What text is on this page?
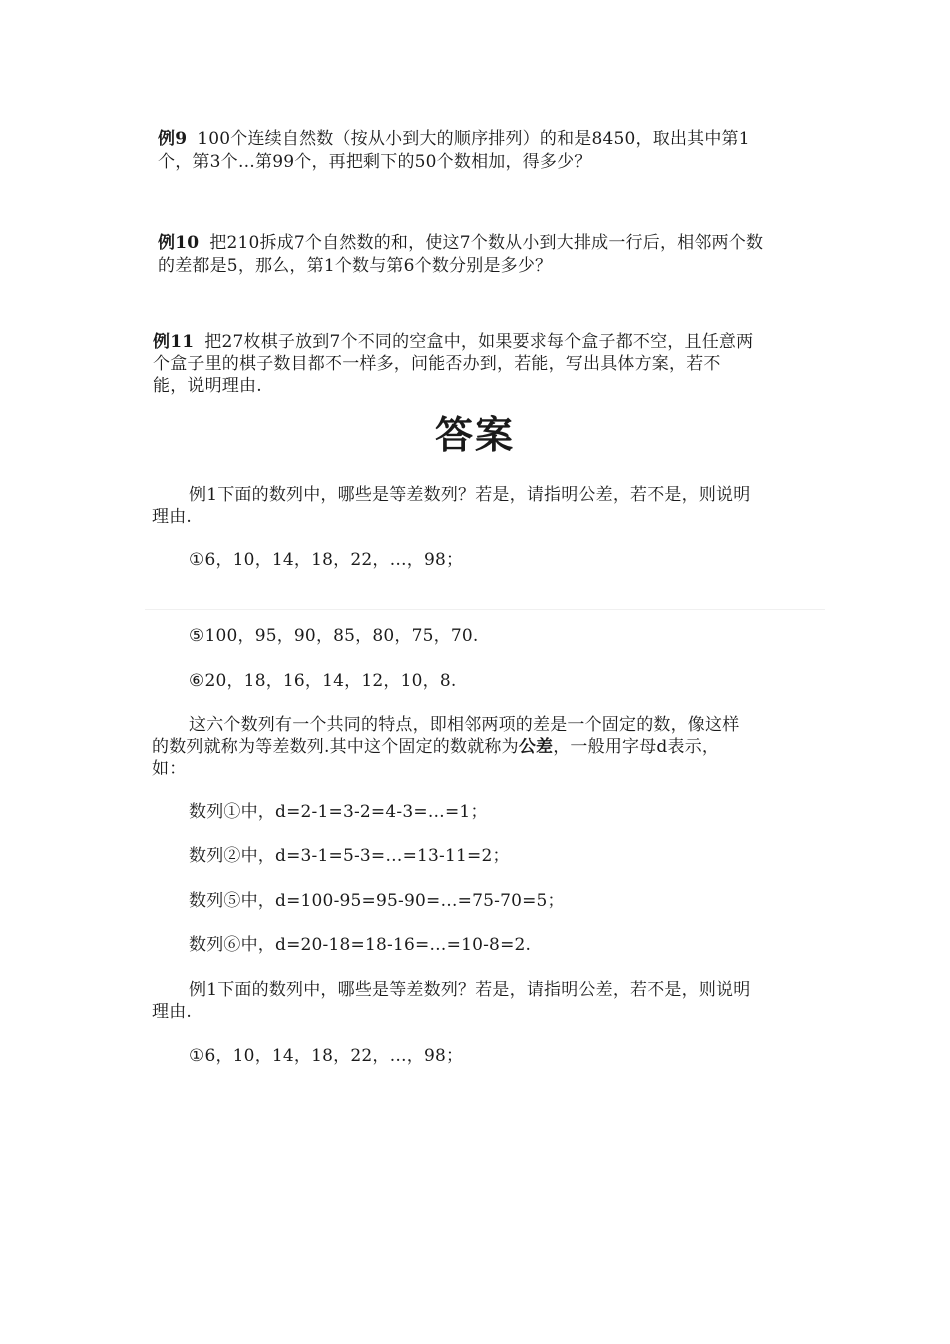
例9 100个连续自然数（按从小到大的顺序排列）的和是8450，取出其中第1
个，第3个…第99个，再把剩下的50个数相加，得多少？
例10 把210拆成7个自然数的和，使这7个数从小到大排成一行后，相邻两个数
的差都是5，那么，第1个数与第6个数分别是多少？
例11 把27枚棋子放到7个不同的空盒中，如果要求每个盒子都不空，且任意两
个盒子里的棋子数目都不一样多，问能否办到，若能，写出具体方案，若不
能，说明理由.
答案
例1下面的数列中，哪些是等差数列？若是，请指明公差，若不是，则说明
理由.
①6，10，14，18，22，…，98；
⑤100，95，90，85，80，75，70.
⑥20，18，16，14，12，10，8.
这六个数列有一个共同的特点，即相邻两项的差是一个固定的数，像这样
的数列就称为等差数列.其中这个固定的数就称为公差，一般用字母d表示，
如：
数列①中，d=2-1=3-2=4-3=…=1；
数列②中，d=3-1=5-3=…=13-11=2；
数列⑤中，d=100-95=95-90=…=75-70=5；
数列⑥中，d=20-18=18-16=…=10-8=2.
例1下面的数列中，哪些是等差数列？若是，请指明公差，若不是，则说明
理由.
①6，10，14，18，22，…，98；
